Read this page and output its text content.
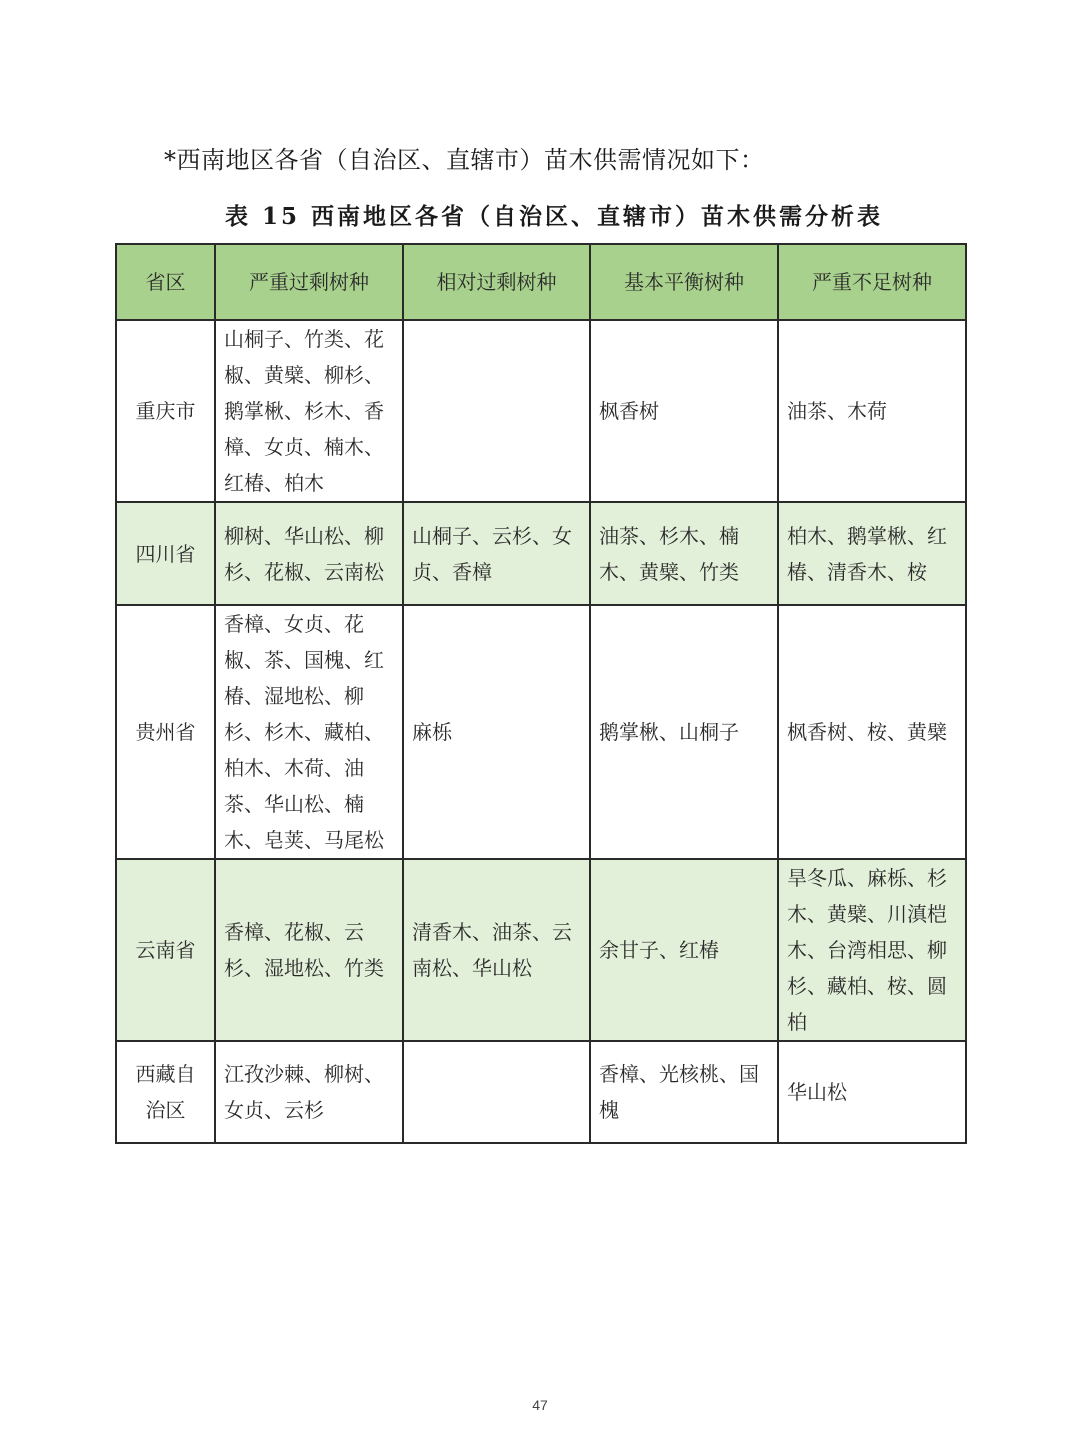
*西南地区各省（自治区、直辖市）苗木供需情况如下：
表 15 西南地区各省（自治区、直辖市）苗木供需分析表
省区	严重过剩树种	相对过剩树种	基本平衡树种	严重不足树种
重庆市	山桐子、竹类、花椒、黄檗、柳杉、鹅掌楸、杉木、香樟、女贞、楠木、红椿、柏木		枫香树	油茶、木荷
四川省	柳树、华山松、柳杉、花椒、云南松	山桐子、云杉、女贞、香樟	油茶、杉木、楠木、黄檗、竹类	柏木、鹅掌楸、红椿、清香木、桉
贵州省	香樟、女贞、花椒、茶、国槐、红椿、湿地松、柳杉、杉木、藏柏、柏木、木荷、油茶、华山松、楠木、皂荚、马尾松	麻栎	鹅掌楸、山桐子	枫香树、桉、黄檗
云南省	香樟、花椒、云杉、湿地松、竹类	清香木、油茶、云南松、华山松	余甘子、红椿	旱冬瓜、麻栎、杉木、黄檗、川滇桤木、台湾相思、柳杉、藏柏、桉、圆柏
西藏自治区	江孜沙棘、柳树、女贞、云杉		香樟、光核桃、国槐	华山松
47
